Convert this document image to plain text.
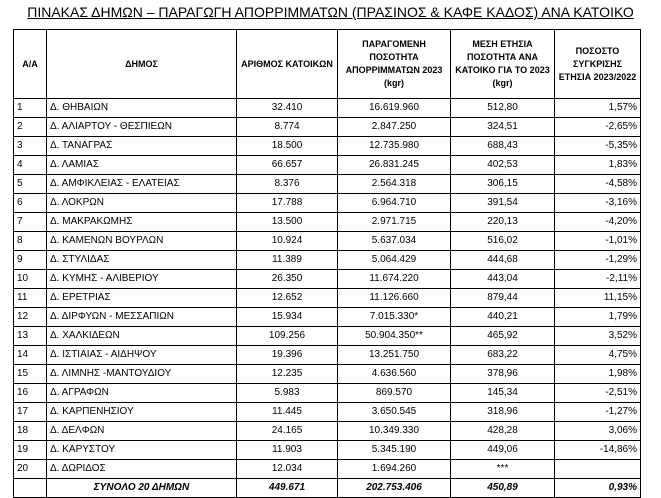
ΠΙΝΑΚΑΣ ΔΗΜΩΝ – ΠΑΡΑΓΩΓΗ ΑΠΟΡΡΙΜΜΑΤΩΝ (ΠΡΑΣΙΝΟΣ & ΚΑΦΕ ΚΑΔΟΣ) ΑΝΑ ΚΑΤΟΙΚΟ
Α/Α	ΔΗΜΟΣ	ΑΡΙΘΜΟΣ ΚΑΤΟΙΚΩΝ	ΠΑΡΑΓΟΜΕΝΗ ΠΟΣΟΤΗΤΑ ΑΠΟΡΡΙΜΜΑΤΩΝ 2023 (kgr)	ΜΕΣΗ ΕΤΗΣΙΑ ΠΟΣΟΤΗΤΑ ΑΝΑ ΚΑΤΟΙΚΟ ΓΙΑ ΤΟ 2023 (kgr)	ΠΟΣΟΣΤΟ ΣΥΓΚΡΙΣΗΣ ΕΤΗΣΙΑ 2023/2022
1	Δ. ΘΗΒΑΙΩΝ	32.410	16.619.960	512,80	1,57%
2	Δ. ΑΛΙΑΡΤΟΥ - ΘΕΣΠΙΕΩΝ	8.774	2.847.250	324,51	-2,65%
3	Δ. ΤΑΝΑΓΡΑΣ	18.500	12.735.980	688,43	-5,35%
4	Δ. ΛΑΜΙΑΣ	66.657	26.831.245	402,53	1,83%
5	Δ. ΑΜΦΙΚΛΕΙΑΣ - ΕΛΑΤΕΙΑΣ	8.376	2.564.318	306,15	-4,58%
6	Δ. ΛΟΚΡΩΝ	17.788	6.964.710	391,54	-3,16%
7	Δ. ΜΑΚΡΑΚΩΜΗΣ	13.500	2.971.715	220,13	-4,20%
8	Δ. ΚΑΜΕΝΩΝ ΒΟΥΡΛΩΝ	10.924	5.637.034	516,02	-1,01%
9	Δ. ΣΤΥΛΙΔΑΣ	11.389	5.064.429	444,68	-1,29%
10	Δ. ΚΥΜΗΣ - ΑΛΙΒΕΡΙΟΥ	26.350	11.674.220	443,04	-2,11%
11	Δ. ΕΡΕΤΡΙΑΣ	12.652	11.126.660	879,44	11,15%
12	Δ. ΔΙΡΦΥΩΝ - ΜΕΣΣΑΠΙΩΝ	15.934	7.015.330*	440,21	1,79%
13	Δ. ΧΑΛΚΙΔΕΩΝ	109.256	50.904.350**	465,92	3,52%
14	Δ. ΙΣΤΙΑΙΑΣ - ΑΙΔΗΨΟΥ	19.396	13.251.750	683,22	4,75%
15	Δ. ΛΙΜΝΗΣ -ΜΑΝΤΟΥΔΙΟΥ	12.235	4.636.560	378,96	1,98%
16	Δ. ΑΓΡΑΦΩΝ	5.983	869.570	145,34	-2,51%
17	Δ. ΚΑΡΠΕΝΗΣΙΟΥ	11.445	3.650.545	318,96	-1,27%
18	Δ. ΔΕΛΦΩΝ	24.165	10.349.330	428,28	3,06%
19	Δ. ΚΑΡΥΣΤΟΥ	11.903	5.345.190	449,06	-14,86%
20	Δ. ΔΩΡΙΔΟΣ	12.034	1.694.260	***	
	ΣΥΝΟΛΟ 20 ΔΗΜΩΝ	449.671	202.753.406	450,89	0,93%
